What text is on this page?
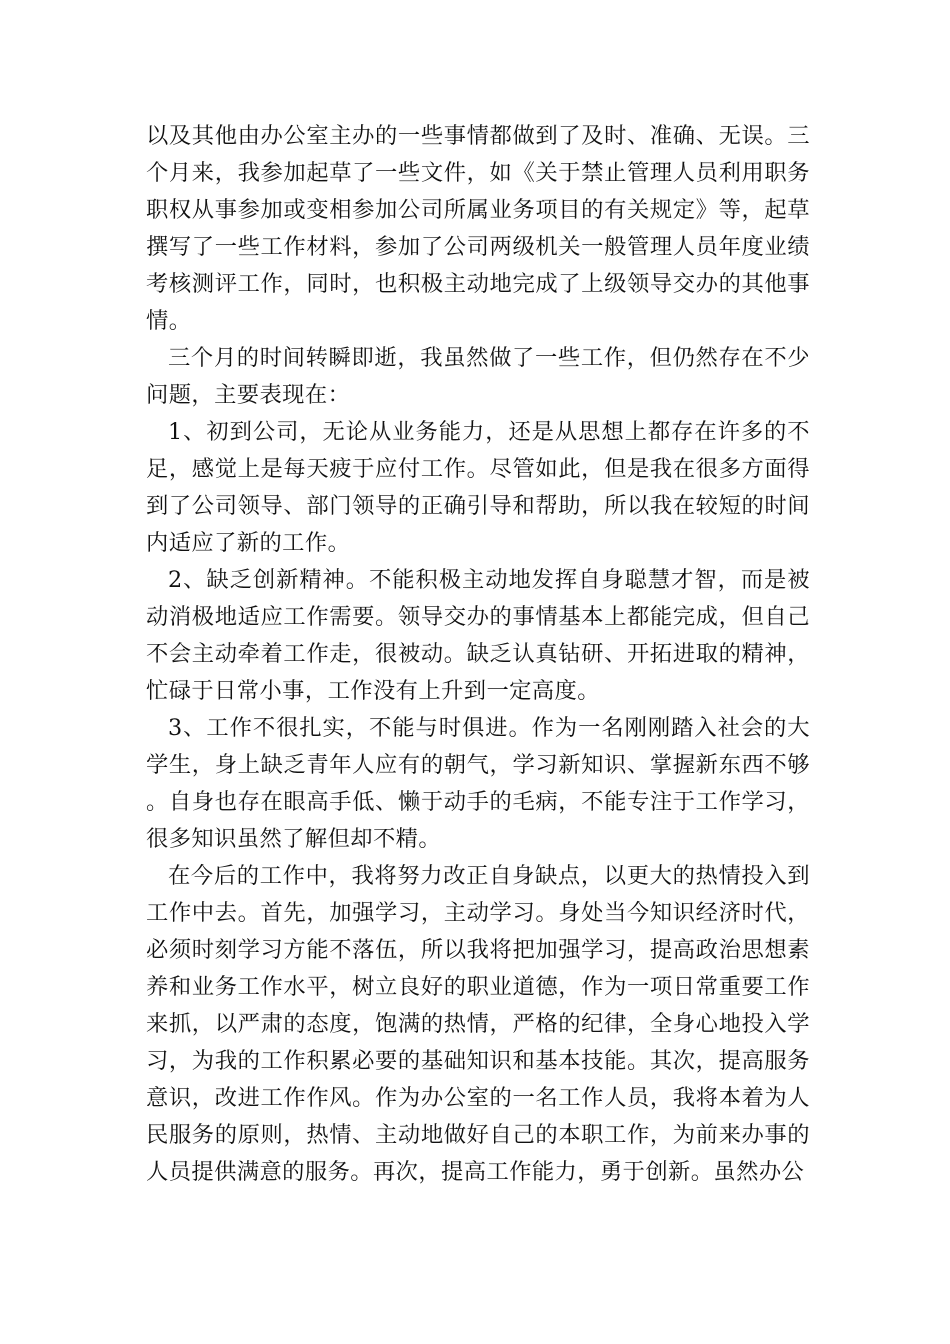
以及其他由办公室主办的一些事情都做到了及时、准确、无误。三个月来，我参加起草了一些文件，如《关于禁止管理人员利用职务职权从事参加或变相参加公司所属业务项目的有关规定》等，起草撰写了一些工作材料，参加了公司两级机关一般管理人员年度业绩考核测评工作，同时，也积极主动地完成了上级领导交办的其他事情。

三个月的时间转瞬即逝，我虽然做了一些工作，但仍然存在不少问题，主要表现在：

1、初到公司，无论从业务能力，还是从思想上都存在许多的不足，感觉上是每天疲于应付工作。尽管如此，但是我在很多方面得到了公司领导、部门领导的正确引导和帮助，所以我在较短的时间内适应了新的工作。

2、缺乏创新精神。不能积极主动地发挥自身聪慧才智，而是被动消极地适应工作需要。领导交办的事情基本上都能完成，但自己不会主动牵着工作走，很被动。缺乏认真钻研、开拓进取的精神，忙碌于日常小事，工作没有上升到一定高度。

3、工作不很扎实，不能与时俱进。作为一名刚刚踏入社会的大学生，身上缺乏青年人应有的朝气，学习新知识、掌握新东西不够。自身也存在眼高手低、懒于动手的毛病，不能专注于工作学习，很多知识虽然了解但却不精。

在今后的工作中，我将努力改正自身缺点，以更大的热情投入到工作中去。首先，加强学习，主动学习。身处当今知识经济时代，必须时刻学习方能不落伍，所以我将把加强学习，提高政治思想素养和业务工作水平，树立良好的职业道德，作为一项日常重要工作来抓，以严肃的态度，饱满的热情，严格的纪律，全身心地投入学习，为我的工作积累必要的基础知识和基本技能。其次，提高服务意识，改进工作作风。作为办公室的一名工作人员，我将本着为人民服务的原则，热情、主动地做好自己的本职工作，为前来办事的人员提供满意的服务。再次，提高工作能力，勇于创新。虽然办公
